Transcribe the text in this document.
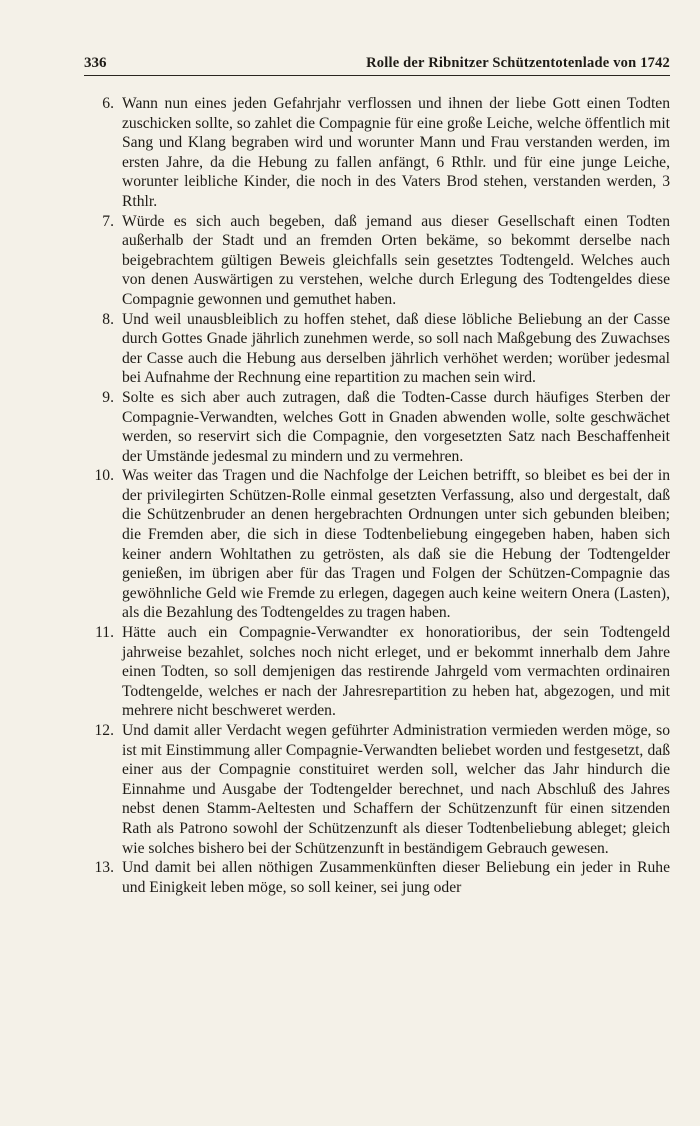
336	Rolle der Ribnitzer Schützentotenlade von 1742

6. Wann nun eines jeden Gefahrjahr verflossen und ihnen der liebe Gott einen Todten zuschicken sollte, so zahlet die Compagnie für eine große Leiche, welche öffentlich mit Sang und Klang begraben wird und worunter Mann und Frau verstanden werden, im ersten Jahre, da die Hebung zu fallen anfängt, 6 Rthlr. und für eine junge Leiche, worunter leibliche Kinder, die noch in des Vaters Brod stehen, verstanden werden, 3 Rthlr.

7. Würde es sich auch begeben, daß jemand aus dieser Gesellschaft einen Todten außerhalb der Stadt und an fremden Orten bekäme, so bekommt derselbe nach beigebrachtem gültigen Beweis gleichfalls sein gesetztes Todtengeld. Welches auch von denen Auswärtigen zu verstehen, welche durch Erlegung des Todtengeldes diese Compagnie gewonnen und gemuthet haben.

8. Und weil unausbleiblich zu hoffen stehet, daß diese löbliche Beliebung an der Casse durch Gottes Gnade jährlich zunehmen werde, so soll nach Maßgebung des Zuwachses der Casse auch die Hebung aus derselben jährlich verhöhet werden; worüber jedesmal bei Aufnahme der Rechnung eine repartition zu machen sein wird.

9. Solte es sich aber auch zutragen, daß die Todten-Casse durch häufiges Sterben der Compagnie-Verwandten, welches Gott in Gnaden abwenden wolle, solte geschwächet werden, so reservirt sich die Compagnie, den vorgesetzten Satz nach Beschaffenheit der Umstände jedesmal zu mindern und zu vermehren.

10. Was weiter das Tragen und die Nachfolge der Leichen betrifft, so bleibet es bei der in der privilegirten Schützen-Rolle einmal gesetzten Verfassung, also und dergestalt, daß die Schützenbruder an denen hergebrachten Ordnungen unter sich gebunden bleiben; die Fremden aber, die sich in diese Todtenbeliebung eingegeben haben, haben sich keiner andern Wohltathen zu getrösten, als daß sie die Hebung der Todtengelder genießen, im übrigen aber für das Tragen und Folgen der Schützen-Compagnie das gewöhnliche Geld wie Fremde zu erlegen, dagegen auch keine weitern Onera (Lasten), als die Bezahlung des Todtengeldes zu tragen haben.

11. Hätte auch ein Compagnie-Verwandter ex honoratioribus, der sein Todtengeld jahrweise bezahlet, solches noch nicht erleget, und er bekommt innerhalb dem Jahre einen Todten, so soll demjenigen das restirende Jahrgeld vom vermachten ordinairen Todtengelde, welches er nach der Jahresrepartition zu heben hat, abgezogen, und mit mehrere nicht beschweret werden.

12. Und damit aller Verdacht wegen geführter Administration vermieden werden möge, so ist mit Einstimmung aller Compagnie-Verwandten beliebet worden und festgesetzt, daß einer aus der Compagnie constituiret werden soll, welcher das Jahr hindurch die Einnahme und Ausgabe der Todtengelder berechnet, und nach Abschluß des Jahres nebst denen Stamm-Aeltesten und Schaffern der Schützenzunft für einen sitzenden Rath als Patrono sowohl der Schützenzunft als dieser Todtenbeliebung ableget; gleich wie solches bishero bei der Schützenzunft in beständigem Gebrauch gewesen.

13. Und damit bei allen nöthigen Zusammenkünften dieser Beliebung ein jeder in Ruhe und Einigkeit leben möge, so soll keiner, sei jung oder
